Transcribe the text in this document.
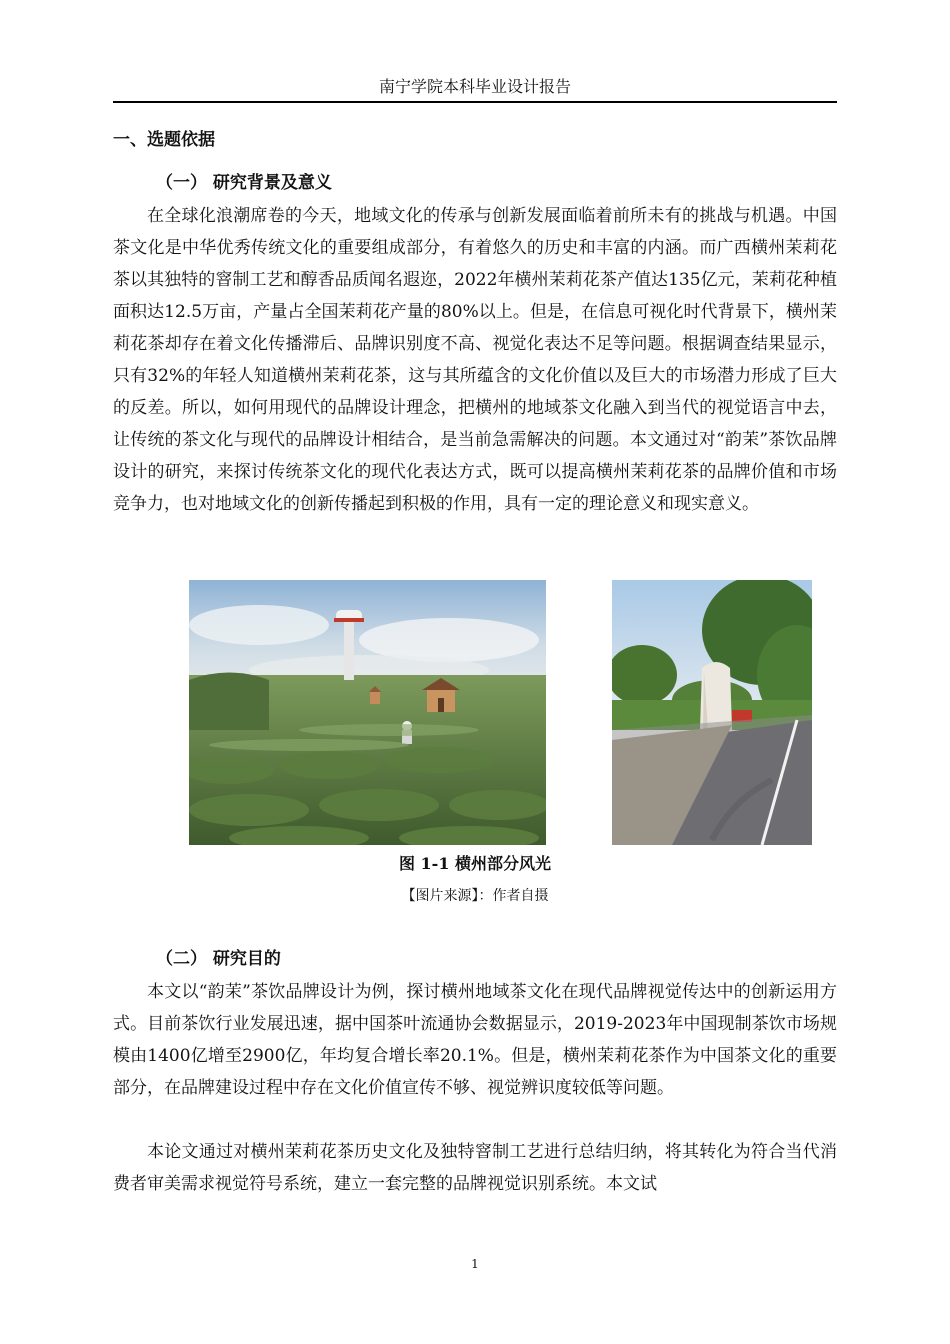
南宁学院本科毕业设计报告
一、选题依据
（一） 研究背景及意义

在全球化浪潮席卷的今天，地域文化的传承与创新发展面临着前所未有的挑战与机遇。中国茶文化是中华优秀传统文化的重要组成部分，有着悠久的历史和丰富的内涵。而广西横州茉莉花茶以其独特的窨制工艺和醇香品质闻名遐迩，2022年横州茉莉花茶产值达135亿元，茉莉花种植面积达12.5万亩，产量占全国茉莉花产量的80%以上。但是，在信息可视化时代背景下，横州茉莉花茶却存在着文化传播滞后、品牌识别度不高、视觉化表达不足等问题。根据调查结果显示，只有32%的年轻人知道横州茉莉花茶，这与其所蕴含的文化价值以及巨大的市场潜力形成了巨大的反差。所以，如何用现代的品牌设计理念，把横州的地域茶文化融入到当代的视觉语言中去，让传统的茶文化与现代的品牌设计相结合，是当前急需解决的问题。本文通过对“韵茉”茶饮品牌设计的研究，来探讨传统茶文化的现代化表达方式，既可以提高横州茉莉花茶的品牌价值和市场竞争力，也对地域文化的创新传播起到积极的作用，具有一定的理论意义和现实意义。

图 1-1 横州部分风光
【图片来源】：作者自摄
（二） 研究目的

本文以“韵茉”茶饮品牌设计为例，探讨横州地域茶文化在现代品牌视觉传达中的创新运用方式。目前茶饮行业发展迅速，据中国茶叶流通协会数据显示，2019-2023年中国现制茶饮市场规模由1400亿增至2900亿，年均复合增长率20.1%。但是，横州茉莉花茶作为中国茶文化的重要部分，在品牌建设过程中存在文化价值宣传不够、视觉辨识度较低等问题。

本论文通过对横州茉莉花茶历史文化及独特窨制工艺进行总结归纳，将其转化为符合当代消费者审美需求视觉符号系统，建立一套完整的品牌视觉识别系统。本文试

1
